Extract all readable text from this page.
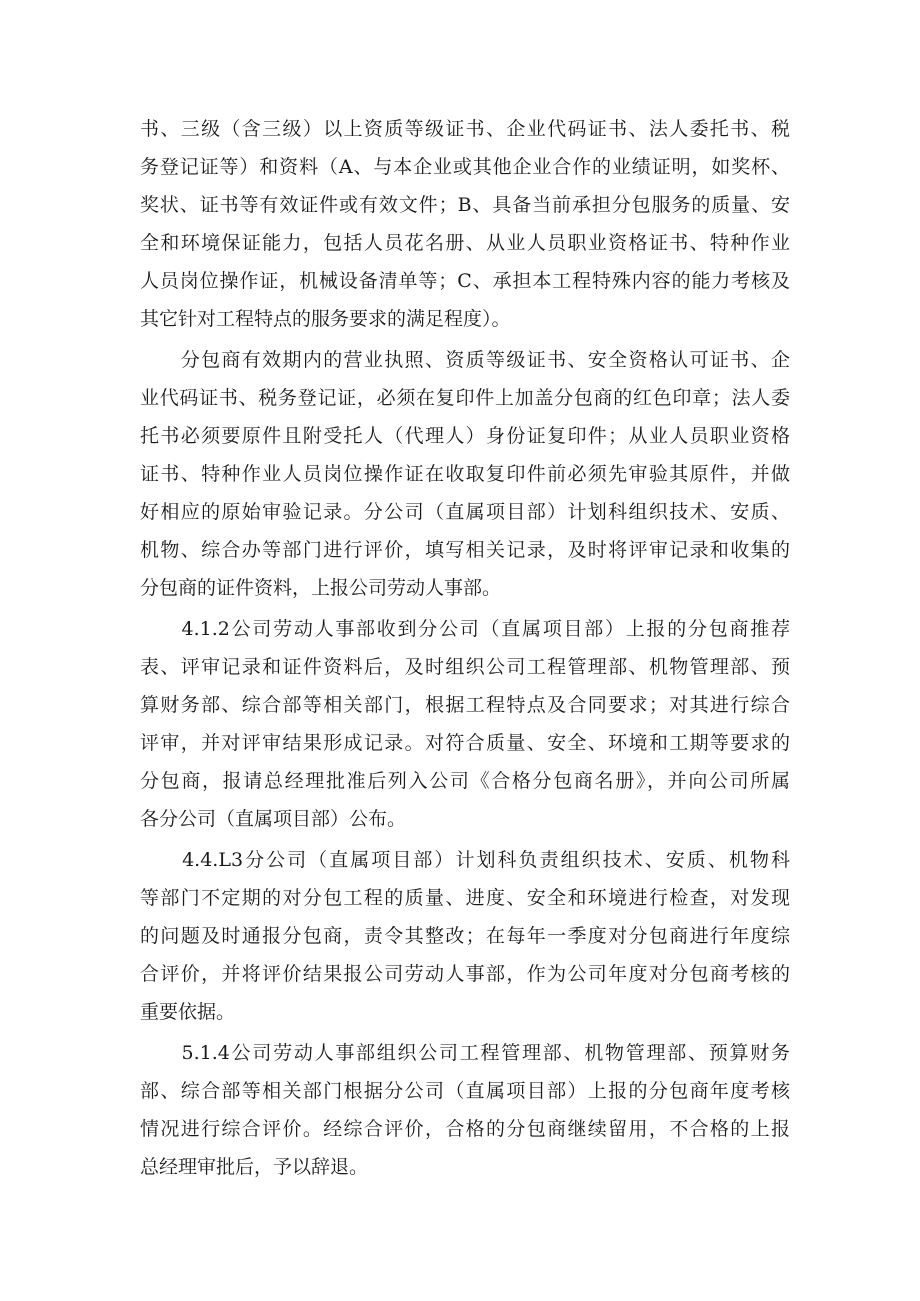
书、三级（含三级）以上资质等级证书、企业代码证书、法人委托书、税
务登记证等）和资料（A、与本企业或其他企业合作的业绩证明，如奖杯、
奖状、证书等有效证件或有效文件；B、具备当前承担分包服务的质量、安
全和环境保证能力，包括人员花名册、从业人员职业资格证书、特种作业
人员岗位操作证，机械设备清单等；C、承担本工程特殊内容的能力考核及
其它针对工程特点的服务要求的满足程度）。
　　分包商有效期内的营业执照、资质等级证书、安全资格认可证书、企
业代码证书、税务登记证，必须在复印件上加盖分包商的红色印章；法人委
托书必须要原件且附受托人（代理人）身份证复印件；从业人员职业资格
证书、特种作业人员岗位操作证在收取复印件前必须先审验其原件，并做
好相应的原始审验记录。分公司（直属项目部）计划科组织技术、安质、
机物、综合办等部门进行评价，填写相关记录，及时将评审记录和收集的
分包商的证件资料，上报公司劳动人事部。
　　4.1.2公司劳动人事部收到分公司（直属项目部）上报的分包商推荐
表、评审记录和证件资料后，及时组织公司工程管理部、机物管理部、预
算财务部、综合部等相关部门，根据工程特点及合同要求；对其进行综合
评审，并对评审结果形成记录。对符合质量、安全、环境和工期等要求的
分包商，报请总经理批准后列入公司《合格分包商名册》，并向公司所属
各分公司（直属项目部）公布。
　　4.4.L3分公司（直属项目部）计划科负责组织技术、安质、机物科
等部门不定期的对分包工程的质量、进度、安全和环境进行检查，对发现
的问题及时通报分包商，责令其整改；在每年一季度对分包商进行年度综
合评价，并将评价结果报公司劳动人事部，作为公司年度对分包商考核的
重要依据。
　　5.1.4公司劳动人事部组织公司工程管理部、机物管理部、预算财务
部、综合部等相关部门根据分公司（直属项目部）上报的分包商年度考核
情况进行综合评价。经综合评价，合格的分包商继续留用，不合格的上报
总经理审批后，予以辞退。
